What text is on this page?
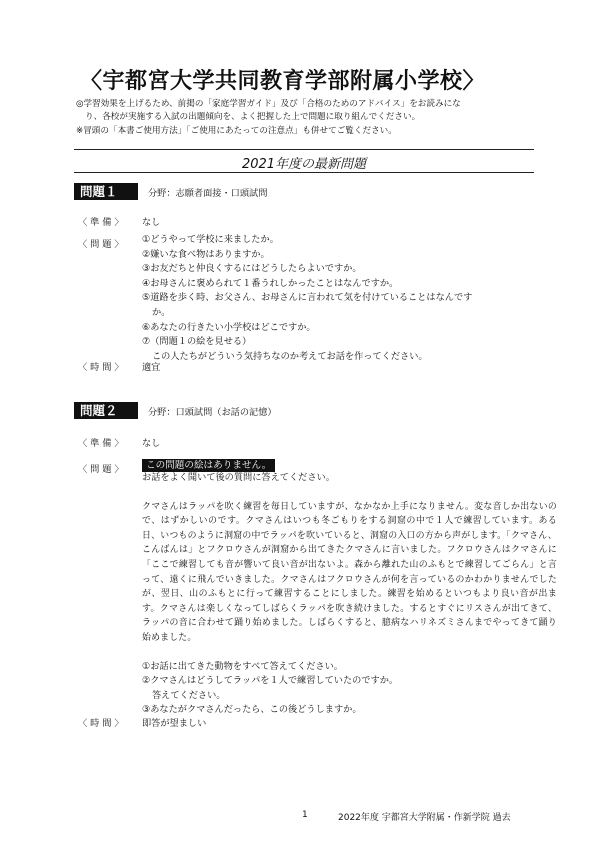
〈宇都宮大学共同教育学部附属小学校〉

◎学習効果を上げるため、前掲の「家庭学習ガイド」及び「合格のためのアドバイス」をお読みにな

り、各校が実施する入試の出題傾向を、よく把握した上で問題に取り組んでください。

※冒頭の「本書ご使用方法」「ご使用にあたっての注意点」も併せてご覧ください。

2021年度の最新問題
問題１	分野：志願者面接・口頭試問
〈 準 備 〉 なし
〈 問 題 〉 ①どうやって学校に来ましたか。

②嫌いな食べ物はありますか。

③お友だちと仲良くするにはどうしたらよいですか。

④お母さんに褒められて１番うれしかったことはなんですか。

⑤道路を歩く時、お父さん、お母さんに言われて気を付けていることはなんです

か。

⑥あなたの行きたい小学校はどこですか。

⑦（問題１の絵を見せる）

この人たちがどういう気持ちなのか考えてお話を作ってください。

〈 時 間 〉 適宜
問題２	分野：口頭試問（お話の記憶）
〈 準 備 〉 なし
〈 問 題 〉	この問題の絵はありません。

お話をよく聞いて後の質問に答えてください。

クマさんはラッパを吹く練習を毎日していますが、なかなか上手になりません。変な音しか出ないので、はずかしいのです。クマさんはいつも冬ごもりをする洞窟の中で１人で練習しています。ある日、いつものように洞窟の中でラッパを吹いていると、洞窟の入口の方から声がします。「クマさん、こんばんは」とフクロウさんが洞窟から出てきたクマさんに言いました。フクロウさんはクマさんに「ここで練習しても音が響いて良い音が出ないよ。森から離れた山のふもとで練習してごらん」と言って、遠くに飛んでいきました。クマさんはフクロウさんが何を言っているのかわかりませんでしたが、翌日、山のふもとに行って練習することにしました。練習を始めるといつもより良い音が出ます。クマさんは楽しくなってしばらくラッパを吹き続けました。するとすぐにリスさんが出てきて、ラッパの音に合わせて踊り始めました。しばらくすると、臆病なハリネズミさんまでやってきて踊り始めました。

①お話に出てきた動物をすべて答えてください。

②クマさんはどうしてラッパを１人で練習していたのですか。

答えてください。

③あなたがクマさんだったら、この後どうしますか。

〈 時 間 〉 即答が望ましい
1	2022年度 宇都宮大学附属・作新学院 過去
